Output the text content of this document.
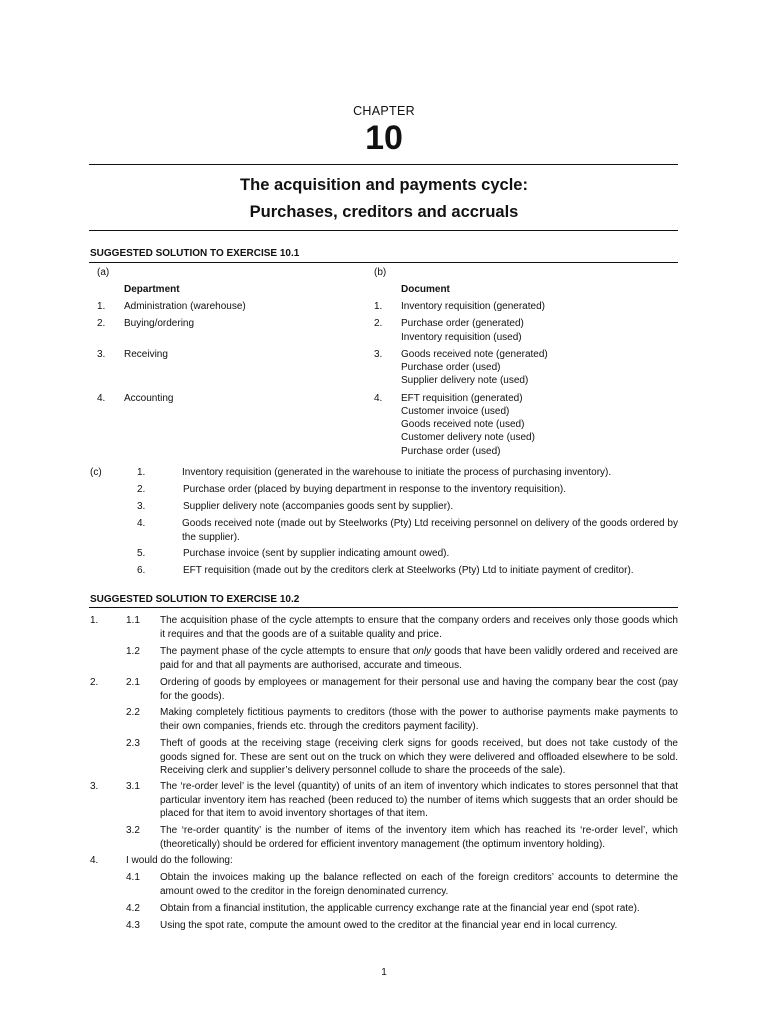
CHAPTER
10
The acquisition and payments cycle:
Purchases, creditors and accruals
SUGGESTED SOLUTION TO EXERCISE 10.1
(a)	(b)
Department	Document
1. Administration (warehouse)	1. Inventory requisition (generated)
2. Buying/ordering	2. Purchase order (generated)
Inventory requisition (used)
3. Receiving	3. Goods received note (generated)
Purchase order (used)
Supplier delivery note (used)
4. Accounting	4. EFT requisition (generated)
Customer invoice (used)
Goods received note (used)
Customer delivery note (used)
Purchase order (used)
(c)	1.	Inventory requisition (generated in the warehouse to initiate the process of purchasing inventory).
2.	Purchase order (placed by buying department in response to the inventory requisition).
3.	Supplier delivery note (accompanies goods sent by supplier).
4.	Goods received note (made out by Steelworks (Pty) Ltd receiving personnel on delivery of the goods ordered by the supplier).
5.	Purchase invoice (sent by supplier indicating amount owed).
6.	EFT requisition (made out by the creditors clerk at Steelworks (Pty) Ltd to initiate payment of creditor).
SUGGESTED SOLUTION TO EXERCISE 10.2
1.	1.1 The acquisition phase of the cycle attempts to ensure that the company orders and receives only those goods which it requires and that the goods are of a suitable quality and price.
1.2 The payment phase of the cycle attempts to ensure that only goods that have been validly ordered and received are paid for and that all payments are authorised, accurate and timeous.
2.	2.1 Ordering of goods by employees or management for their personal use and having the company bear the cost (pay for the goods).
2.2 Making completely fictitious payments to creditors (those with the power to authorise payments make payments to their own companies, friends etc. through the creditors payment facility).
2.3 Theft of goods at the receiving stage (receiving clerk signs for goods received, but does not take custody of the goods signed for. These are sent out on the truck on which they were delivered and offloaded elsewhere to be sold. Receiving clerk and supplier’s delivery personnel collude to share the proceeds of the sale).
3.	3.1 The ‘re-order level’ is the level (quantity) of units of an item of inventory which indicates to stores personnel that that particular inventory item has reached (been reduced to) the number of items which suggests that an order should be placed for that item to avoid inventory shortages of that item.
3.2 The ‘re-order quantity’ is the number of items of the inventory item which has reached its ‘re-order level’, which (theoretically) should be ordered for efficient inventory management (the optimum inventory holding).
4.	I would do the following:
4.1 Obtain the invoices making up the balance reflected on each of the foreign creditors’ accounts to determine the amount owed to the creditor in the foreign denominated currency.
4.2 Obtain from a financial institution, the applicable currency exchange rate at the financial year end (spot rate).
4.3 Using the spot rate, compute the amount owed to the creditor at the financial year end in local currency.
1
